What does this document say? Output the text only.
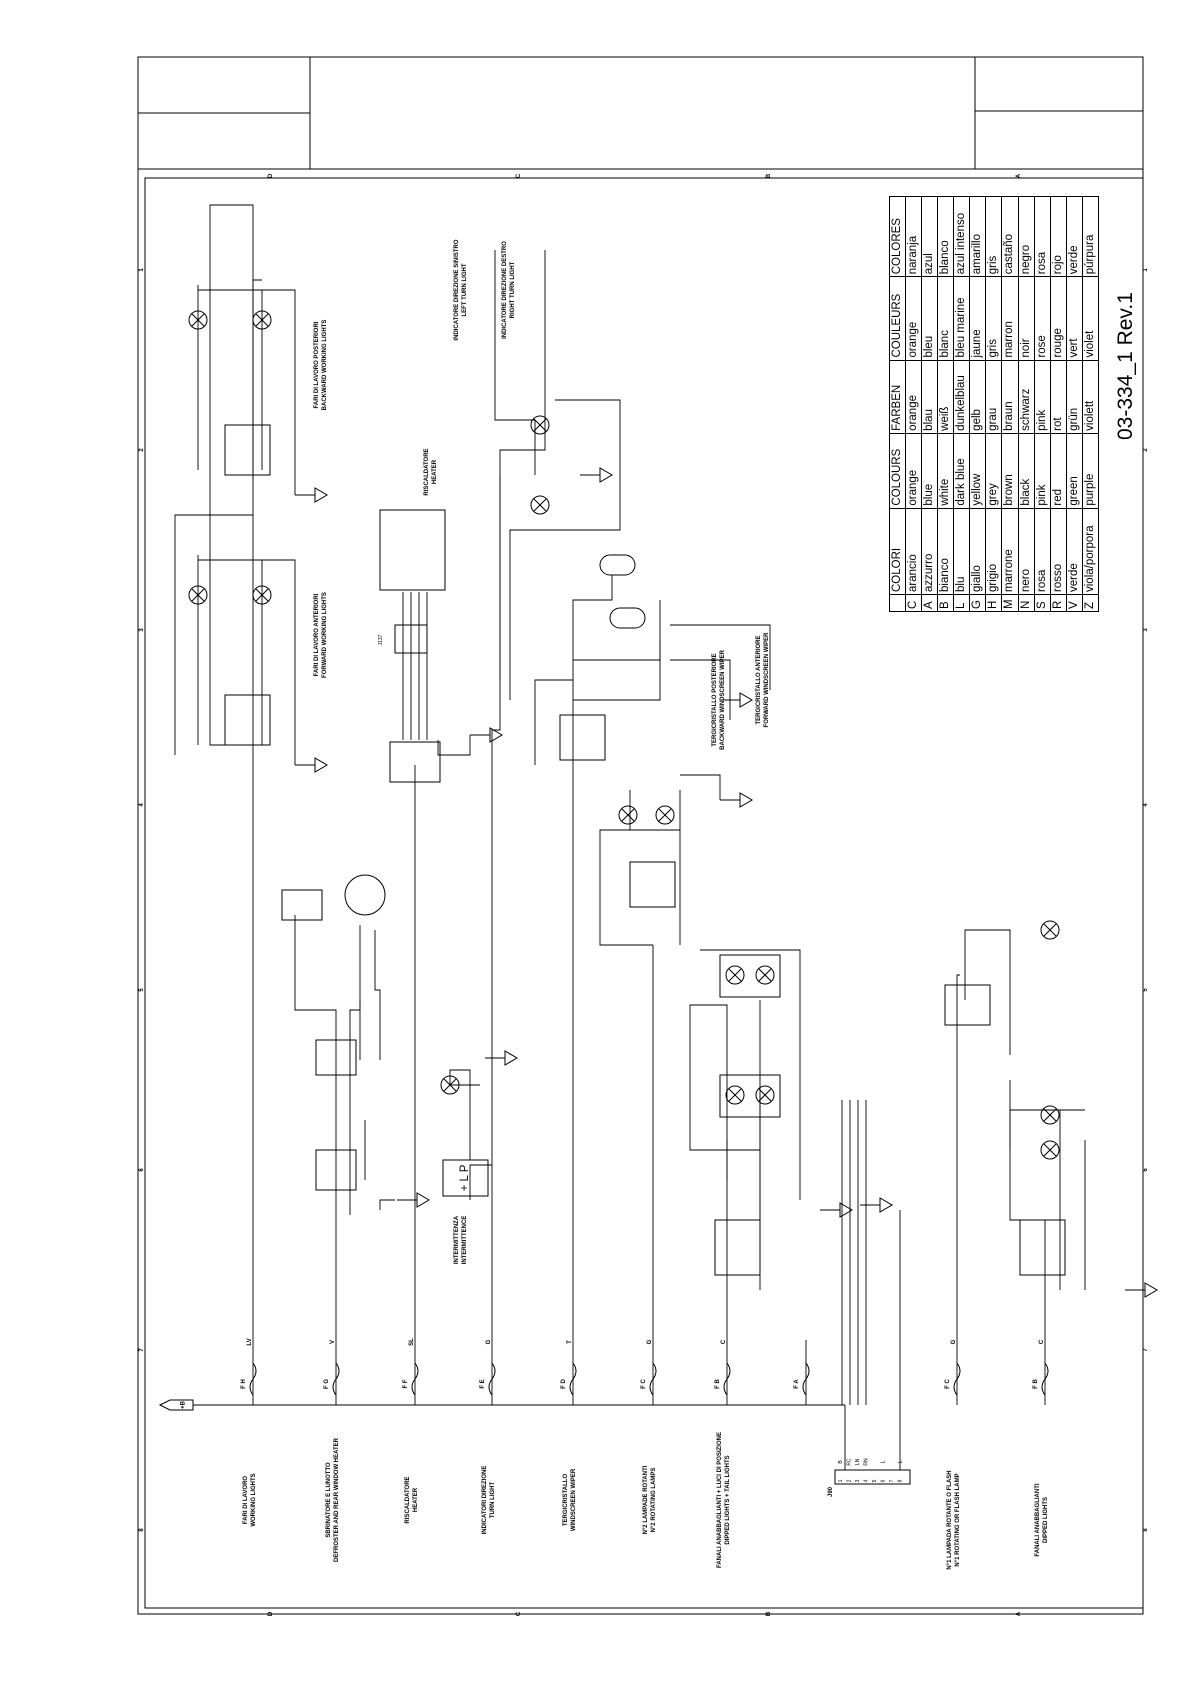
D	C	B	A
D	C	B	A
1	1
2	2
3	3
4	4
5	5
6	6
7	7
8	8
+B
F H
LV
FARI DI LAVORO WORKING LIGHTS
F G
V
SBRINATORE E LUNOTTO DEFROSTER AND REAR WINDOW HEATER
F F
SL
RISCALDATORE HEATER
F E
G
INDICATORI DIREZIONE TURN LIGHT
F D
T
TERGICRISTALLO WINDSCREEN WIPER
F C
G
N°2 LAMPADE ROTANTI N°2 ROTATING LAMPS
F B
C
FANALI ANABBAGLIANTI + LUCI DI POSIZIONE DIPPED LIGHTS + TAIL LIGHTS
F A	F C
G
N°1 LAMPADA ROTANTE O FLASH N°1 ROTATING OR FLASH LAMP
F B
C
FANALI ANABBAGLIANTI DIPPED LIGHTS
J90
1
B
2
RC
3
LN
4
RN
5 6
L
7 8
L
FARI DI LAVORO POSTERIORI BACKWARD WORKING LIGHTS
FARI DI LAVORO ANTERIORI FORWARD WORKING LIGHTS
RISCALDATORE HEATER
INDICATORE DIREZIONE SINISTRO LEFT TURN LIGHT	INDICATORE DIREZIONE DESTRO RIGHT TURN LIGHT
TERGICRISTALLO POSTERIORE BACKWARD WINDSCREEN WIPER	TERGICRISTALLO ANTERIORE FORWARD WINDSCREEN WIPER
INTERMITTENZA INTERMITTENCE
+ L P
J137
	COLORI	COLOURS	FARBEN	COULEURS	COLORES
C	arancio	orange	orange	orange	naranja
A	azzurro	blue	blau	bleu	azul
B	bianco	white	weiß	blanc	blanco
L	blu	dark blue	dunkelblau	bleu marine	azul intenso
G	giallo	yellow	gelb	jaune	amarillo
H	grigio	grey	grau	gris	gris
M	marrone	brown	braun	marron	castaño
N	nero	black	schwarz	noir	negro
S	rosa	pink	pink	rose	rosa
R	rosso	red	rot	rouge	rojo
V	verde	green	grün	vert	verde
Z	viola/porpora	purple	violett	violet	púrpura
03-334_1 Rev.1
